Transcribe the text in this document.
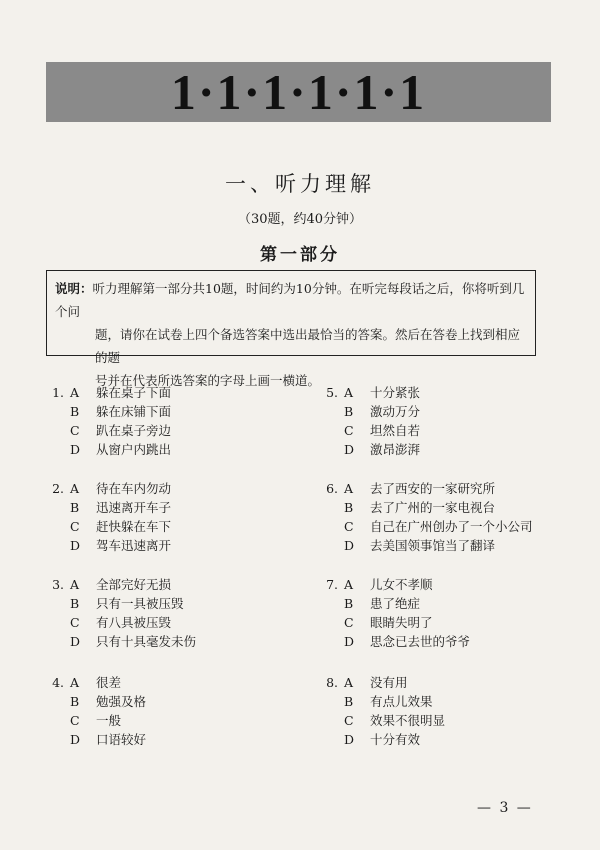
1·1·1·1·1·1
一、听力理解
（30题，约40分钟）
第一部分
说明：听力理解第一部分共10题，时间约为10分钟。在听完每段话之后，你将听到几个问
题，请你在试卷上四个备选答案中选出最恰当的答案。然后在答卷上找到相应的题
号并在代表所选答案的字母上画一横道。
1. A 躲在桌子下面
B 躲在床铺下面
C 趴在桌子旁边
D 从窗户内跳出
2. A 待在车内勿动
B 迅速离开车子
C 赶快躲在车下
D 驾车迅速离开
3. A 全部完好无损
B 只有一具被压毁
C 有八具被压毁
D 只有十具毫发未伤
4. A 很差
B 勉强及格
C 一般
D 口语较好
5. A 十分紧张
B 激动万分
C 坦然自若
D 激昂澎湃
6. A 去了西安的一家研究所
B 去了广州的一家电视台
C 自己在广州创办了一个小公司
D 去美国领事馆当了翻译
7. A 儿女不孝顺
B 患了绝症
C 眼睛失明了
D 思念已去世的爷爷
8. A 没有用
B 有点儿效果
C 效果不很明显
D 十分有效
— 3 —
